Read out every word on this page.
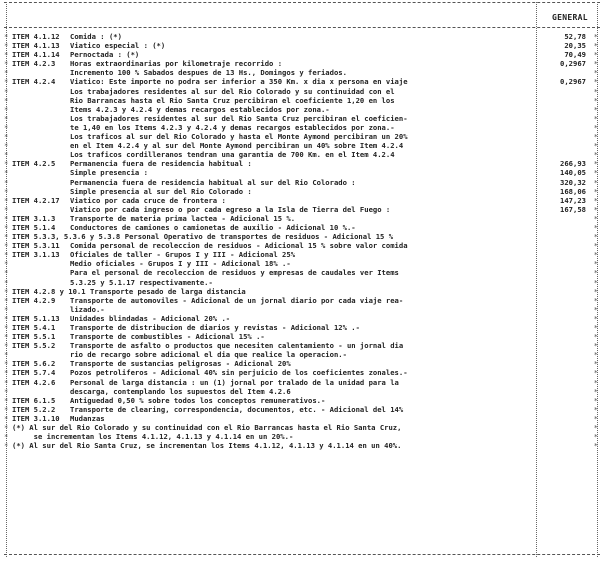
GENERAL
* ITEM 4.1.12 Comida : (*)	52,78 *
* ITEM 4.1.13 Viatico especial : (*)	20,35 *
* ITEM 4.1.14 Pernoctada : (*)	70,49 *
* ITEM 4.2.3 Horas extraordinarias por kilometraje recorrido :	0,2967 *
*	Incremento 100 % Sabados despues de 13 Hs., Domingos y feriados.	*
* ITEM 4.2.4 Viatico: Este importe no podra ser inferior a 350 Km. x dia x persona en viaje	0,2967 *
*	Los trabajadores residentes al sur del Rio Colorado y su continuidad con el	*
*	Rio Barrancas hasta el Rio Santa Cruz percibiran el coeficiente 1,20 en los	*
*	Items 4.2.3 y 4.2.4 y demas recargos establecidos por zona.-	*
*	Los trabajadores residentes al sur del Rio Santa Cruz percibiran el coeficien-	*
*	te 1,40 en los Items 4.2.3 y 4.2.4 y demas recargos establecidos por zona.-	*
*	Los traficos al sur del Rio Colorado y hasta el Monte Aymond percibiran un 20%	*
*	en el Item 4.2.4 y al sur del Monte Aymond percibiran un 40% sobre Item 4.2.4	*
*	Los traficos cordilleranos tendran una garantia de 700 Km. en el Item 4.2.4	*
* ITEM 4.2.5 Permanencia fuera de residencia habitual :	266,93 *
*	Simple presencia :	140,05 *
*	Permanencia fuera de residencia habitual al sur del Rio Colorado :	320,32 *
*	Simple presencia al sur del Rio Colorado :	168,06 *
* ITEM 4.2.17 Viatico por cada cruce de frontera :	147,23 *
*	Viatico por cada ingreso o por cada egreso a la Isla de Tierra del Fuego :	167,58 *
* ITEM 3.1.3 Transporte de materia prima lactea - Adicional 15 %.	*
* ITEM 5.1.4 Conductores de camiones o camionetas de auxilio - Adicional 10 %.-	*
* ITEM 5.3.3, 5.3.6 y 5.3.8 Personal Operativo de transportes de residuos - Adicional 15 %	*
* ITEM 5.3.11 Comida personal de recoleccion de residuos - Adicional 15 % sobre valor comida	*
* ITEM 3.1.13 Oficiales de taller - Grupos I y III - Adicional 25%	*
*	Medio oficiales - Grupos I y III - Adicional 18% .-	*
*	Para el personal de recoleccion de residuos y empresas de caudales ver Items	*
*	5.3.25 y 5.1.17 respectivamente.-	*
* ITEM 4.2.8 y 10.1 Transporte pesado de larga distancia	*
* ITEM 4.2.9 Transporte de automoviles - Adicional de un jornal diario por cada viaje rea-	*
*	lizado.-	*
* ITEM 5.1.13 Unidades blindadas - Adicional 20% .-	*
* ITEM 5.4.1 Transporte de distribucion de diarios y revistas - Adicional 12% .-	*
* ITEM 5.5.1 Transporte de combustibles - Adicional 15% .-	*
* ITEM 5.5.2 Transporte de asfalto o productos que necesiten calentamiento - un jornal dia	*
*	rio de recargo sobre adicional el dia que realice la operacion.-	*
* ITEM 5.6.2 Transporte de sustancias peligrosas - Adicional 20%	*
* ITEM 5.7.4 Pozos petroliferos - Adicional 40% sin perjuicio de los coeficientes zonales.-	*
* ITEM 4.2.6 Personal de larga distancia : un (1) jornal por tralado de la unidad para la	*
*	descarga, contemplando los supuestos del Item 4.2.6	*
* ITEM 6.1.5 Antiguedad 0,50 % sobre todos los conceptos remunerativos.-	*
* ITEM 5.2.2 Transporte de clearing, correspondencia, documentos, etc. - Adicional del 14%	*
* ITEM 3.1.10 Mudanzas	*
* (*) Al sur del Rio Colorado y su continuidad con el Rio Barrancas hasta el Rio Santa Cruz,	*
* se incrementan los Items 4.1.12, 4.1.13 y 4.1.14 en un 20%.-	*
* (*) Al sur del Rio Santa Cruz, se incrementan los Items 4.1.12, 4.1.13 y 4.1.14 en un 40%.	*
